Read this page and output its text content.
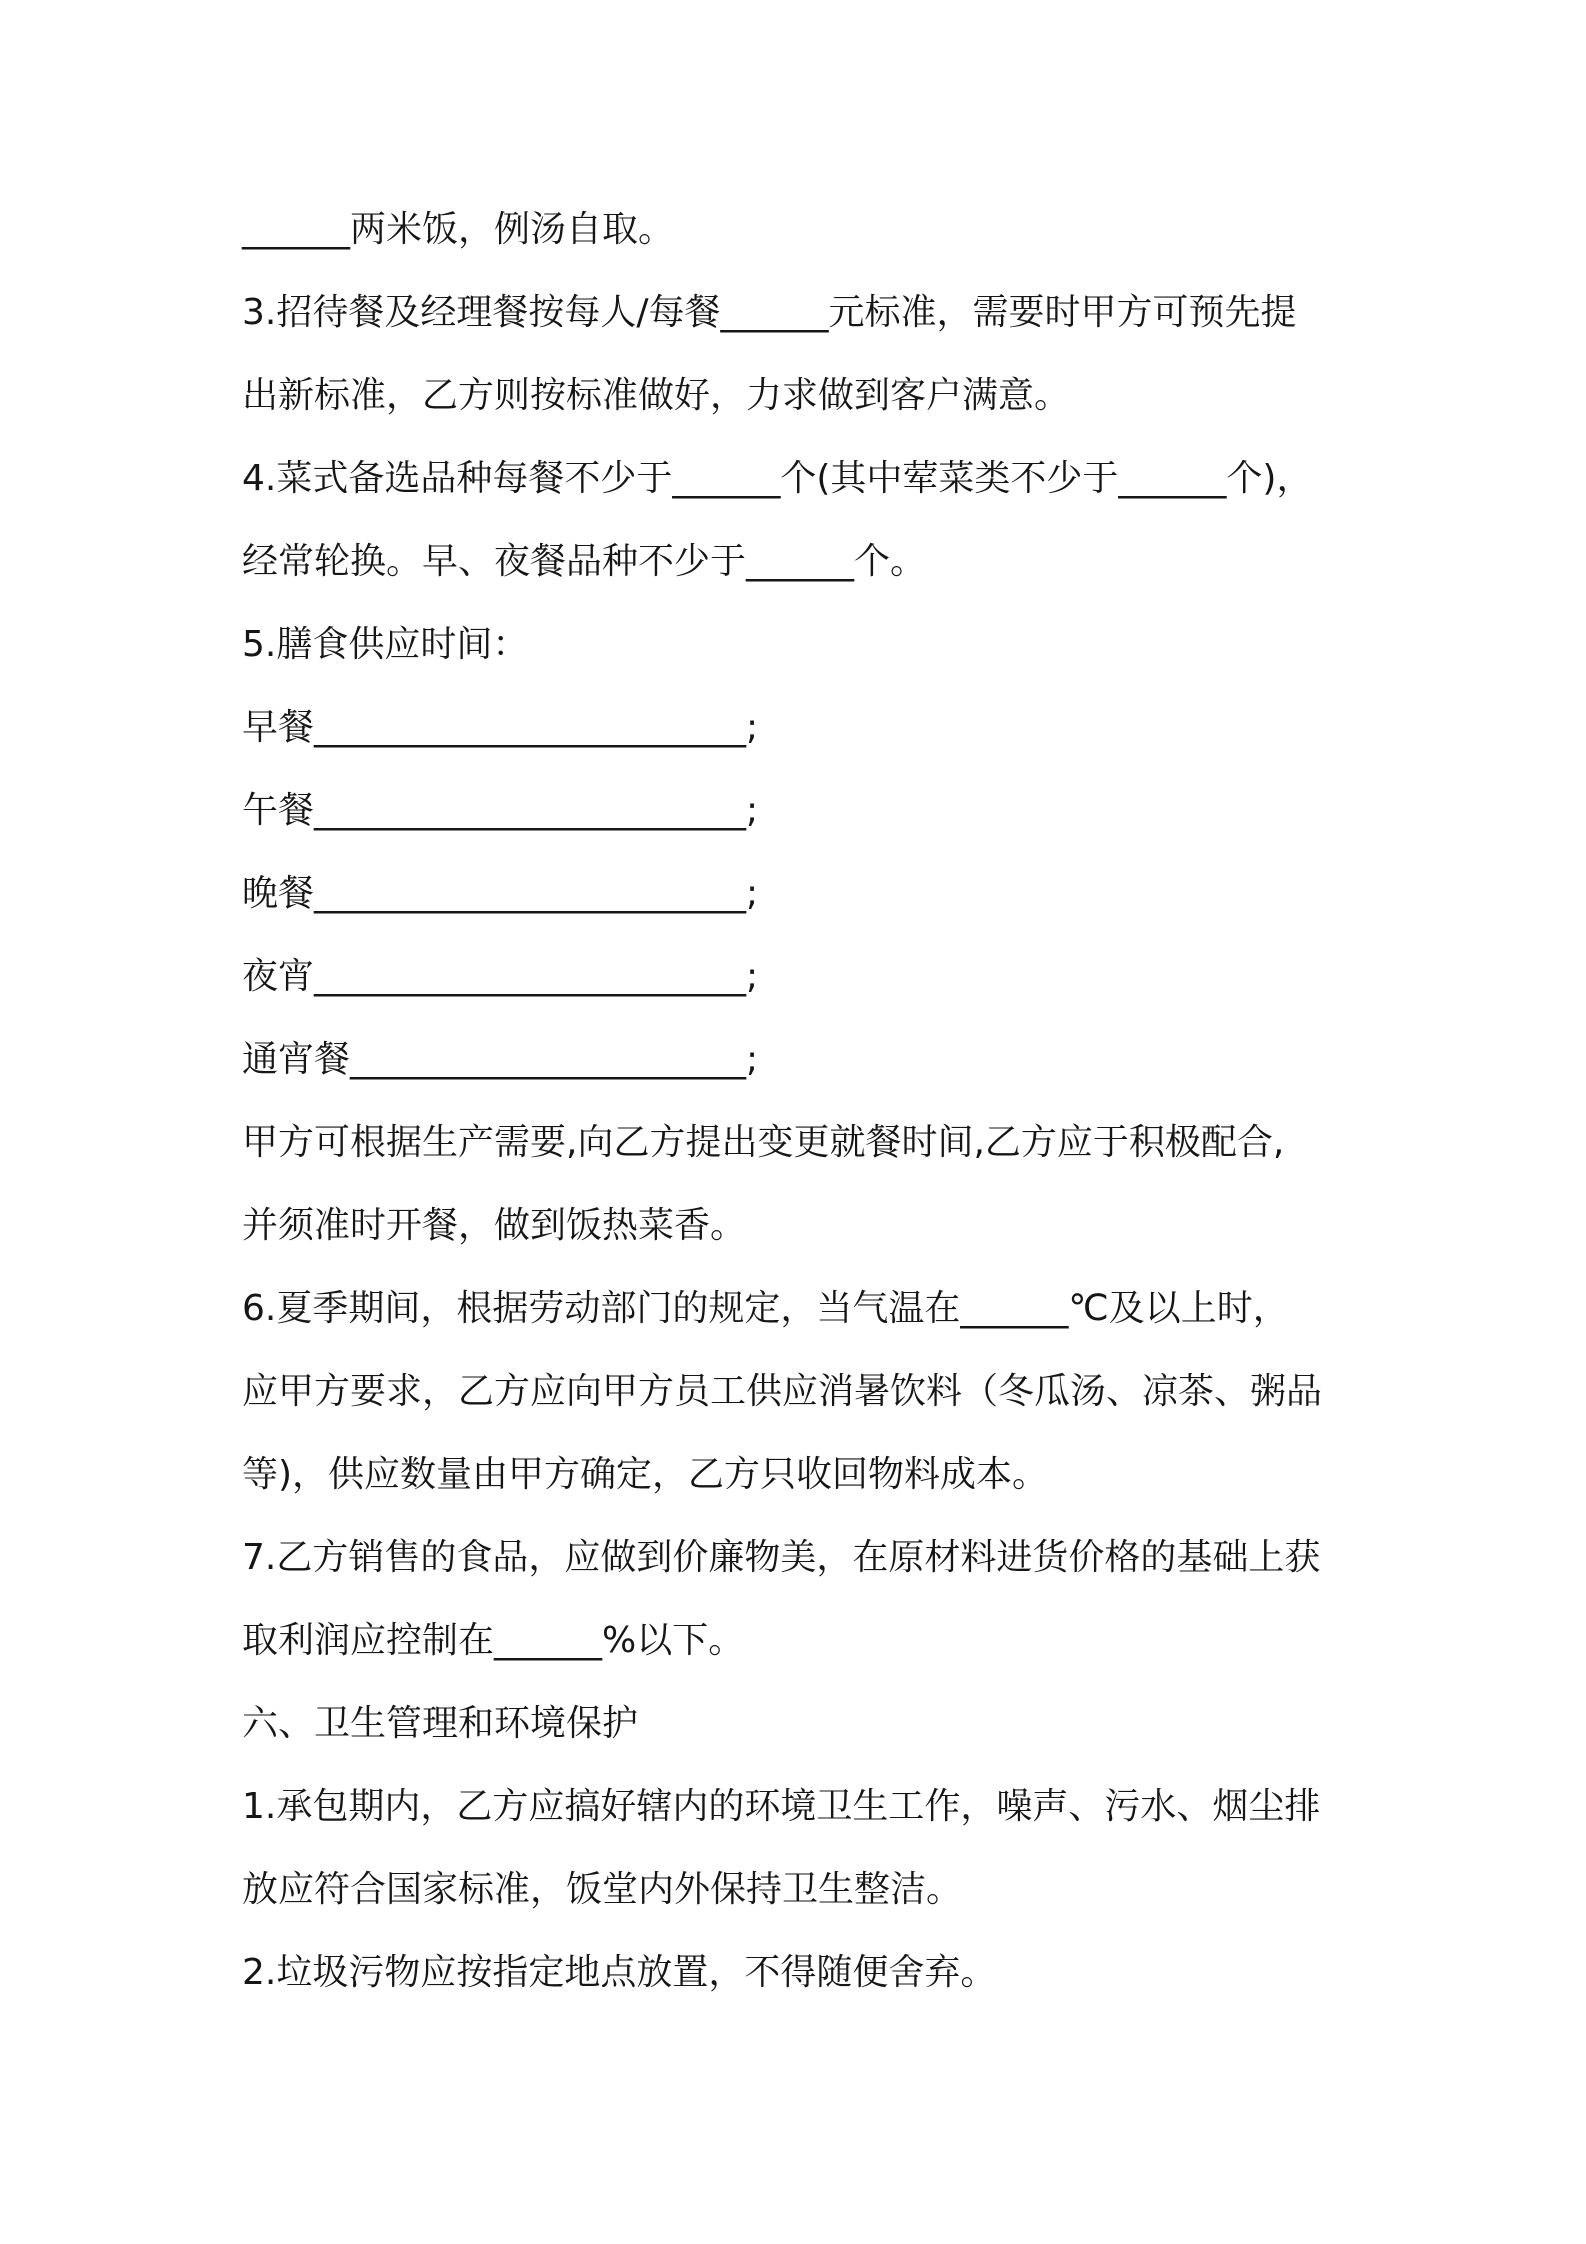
______两米饭，例汤自取。
3.招待餐及经理餐按每人/每餐______元标准，需要时甲方可预先提
出新标准，乙方则按标准做好，力求做到客户满意。
4.菜式备选品种每餐不少于______个(其中荤菜类不少于______个)，
经常轮换。早、夜餐品种不少于______个。
5.膳食供应时间：
早餐________________________;
午餐________________________;
晚餐________________________;
夜宵________________________;
通宵餐______________________;
甲方可根据生产需要,向乙方提出变更就餐时间,乙方应于积极配合,
并须准时开餐，做到饭热菜香。
6.夏季期间，根据劳动部门的规定，当气温在______℃及以上时，
应甲方要求，乙方应向甲方员工供应消暑饮料（冬瓜汤、凉茶、粥品
等)，供应数量由甲方确定，乙方只收回物料成本。
7.乙方销售的食品，应做到价廉物美，在原材料进货价格的基础上获
取利润应控制在______%以下。
六、卫生管理和环境保护
1.承包期内，乙方应搞好辖内的环境卫生工作，噪声、污水、烟尘排
放应符合国家标准，饭堂内外保持卫生整洁。
2.垃圾污物应按指定地点放置，不得随便舍弃。
